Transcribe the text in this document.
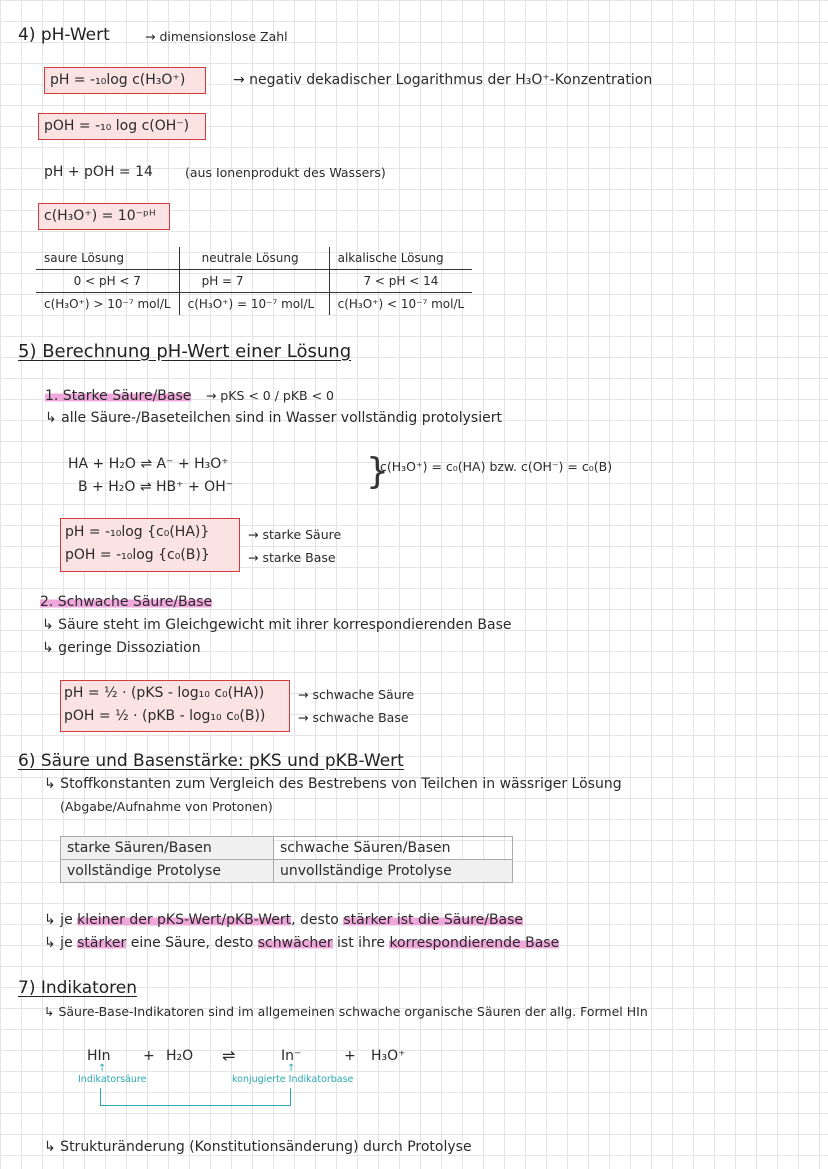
4) pH-Wert	→ dimensionslose Zahl
pH = -₁₀log c(H₃O⁺)	→ negativ dekadischer Logarithmus der H₃O⁺-Konzentration
pOH = -₁₀ log c(OH⁻)
pH + pOH = 14	(aus Ionenprodukt des Wassers)
c(H₃O⁺) = 10⁻ᵖᴴ
saure Lösung	neutrale Lösung	alkalische Lösung
0 < pH < 7	pH = 7	7 < pH < 14
c(H₃O⁺) > 10⁻⁷ mol/L	c(H₃O⁺) = 10⁻⁷ mol/L	c(H₃O⁺) < 10⁻⁷ mol/L
5) Berechnung pH-Wert einer Lösung
1. Starke Säure/Base → pKS < 0 / pKB < 0
↳ alle Säure-/Baseteilchen sind in Wasser vollständig protolysiert
HA + H₂O ⇌ A⁻ + H₃O⁺
B + H₂O ⇌ HB⁺ + OH⁻	}
c(H₃O⁺) = c₀(HA) bzw. c(OH⁻) = c₀(B)
pH = -₁₀log {c₀(HA)}
pOH = -₁₀log {c₀(B)}
→ starke Säure
→ starke Base
2. Schwache Säure/Base
↳ Säure steht im Gleichgewicht mit ihrer korrespondierenden Base
↳ geringe Dissoziation
pH = ½ · (pKS - log₁₀ c₀(HA))
pOH = ½ · (pKB - log₁₀ c₀(B))
→ schwache Säure
→ schwache Base
6) Säure und Basenstärke: pKS und pKB-Wert
↳ Stoffkonstanten zum Vergleich des Bestrebens von Teilchen in wässriger Lösung
(Abgabe/Aufnahme von Protonen)
starke Säuren/Basen	schwache Säuren/Basen
vollständige Protolyse	unvollständige Protolyse
↳ je kleiner der pKS-Wert/pKB-Wert, desto stärker ist die Säure/Base
↳ je stärker eine Säure, desto schwächer ist ihre korrespondierende Base
7) Indikatoren
↳ Säure-Base-Indikatoren sind im allgemeinen schwache organische Säuren der allg. Formel HIn
HIn + H₂O ⇌	In⁻	+ H₃O⁺
↑	↑
Indikatorsäure	konjugierte Indikatorbase
↳ Strukturänderung (Konstitutionsänderung) durch Protolyse
